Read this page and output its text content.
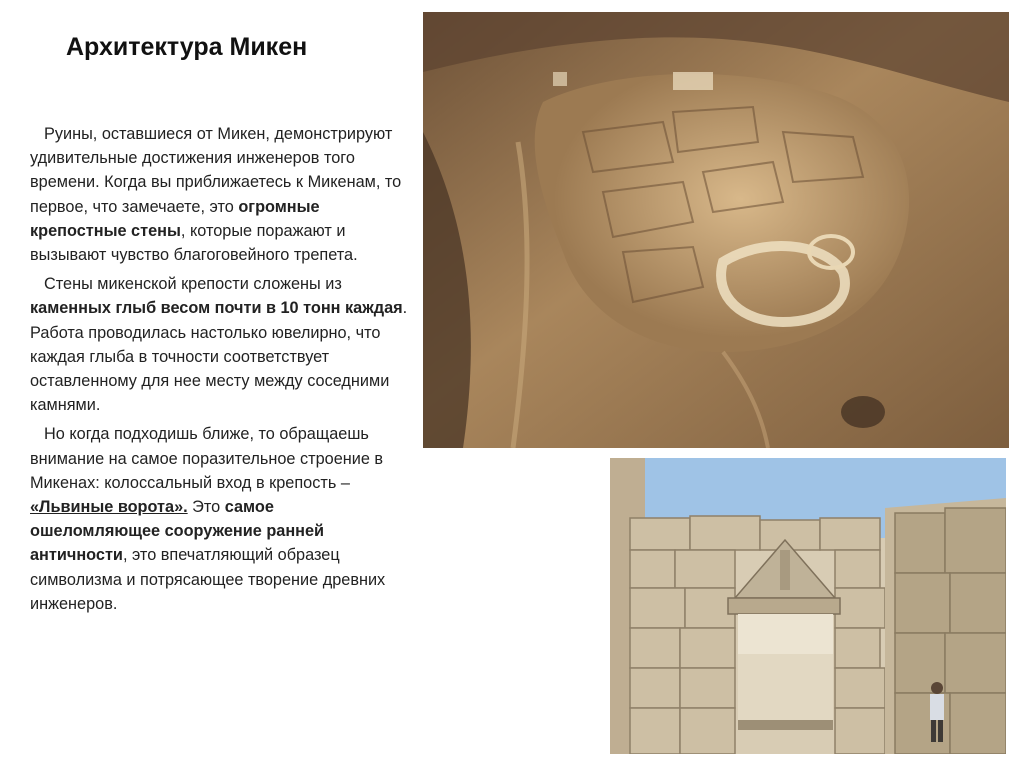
Архитектура Микен

Руины, оставшиеся от Микен, демонстрируют удивительные достижения инженеров того времени. Когда вы приближаетесь к Микенам, то первое, что замечаете, это огромные крепостные стены, которые поражают и вызывают чувство благоговейного трепета.

Стены микенской крепости сложены из каменных глыб весом почти в 10 тонн каждая. Работа проводилась настолько ювелирно, что каждая глыба в точности соответствует оставленному для нее месту между соседними камнями.

Но когда подходишь ближе, то обращаешь внимание на самое поразительное строение в Микенах: колоссальный вход в крепость – «Львиные ворота». Это самое ошеломляющее сооружение ранней античности, это впечатляющий образец символизма и потрясающее творение древних инженеров.
